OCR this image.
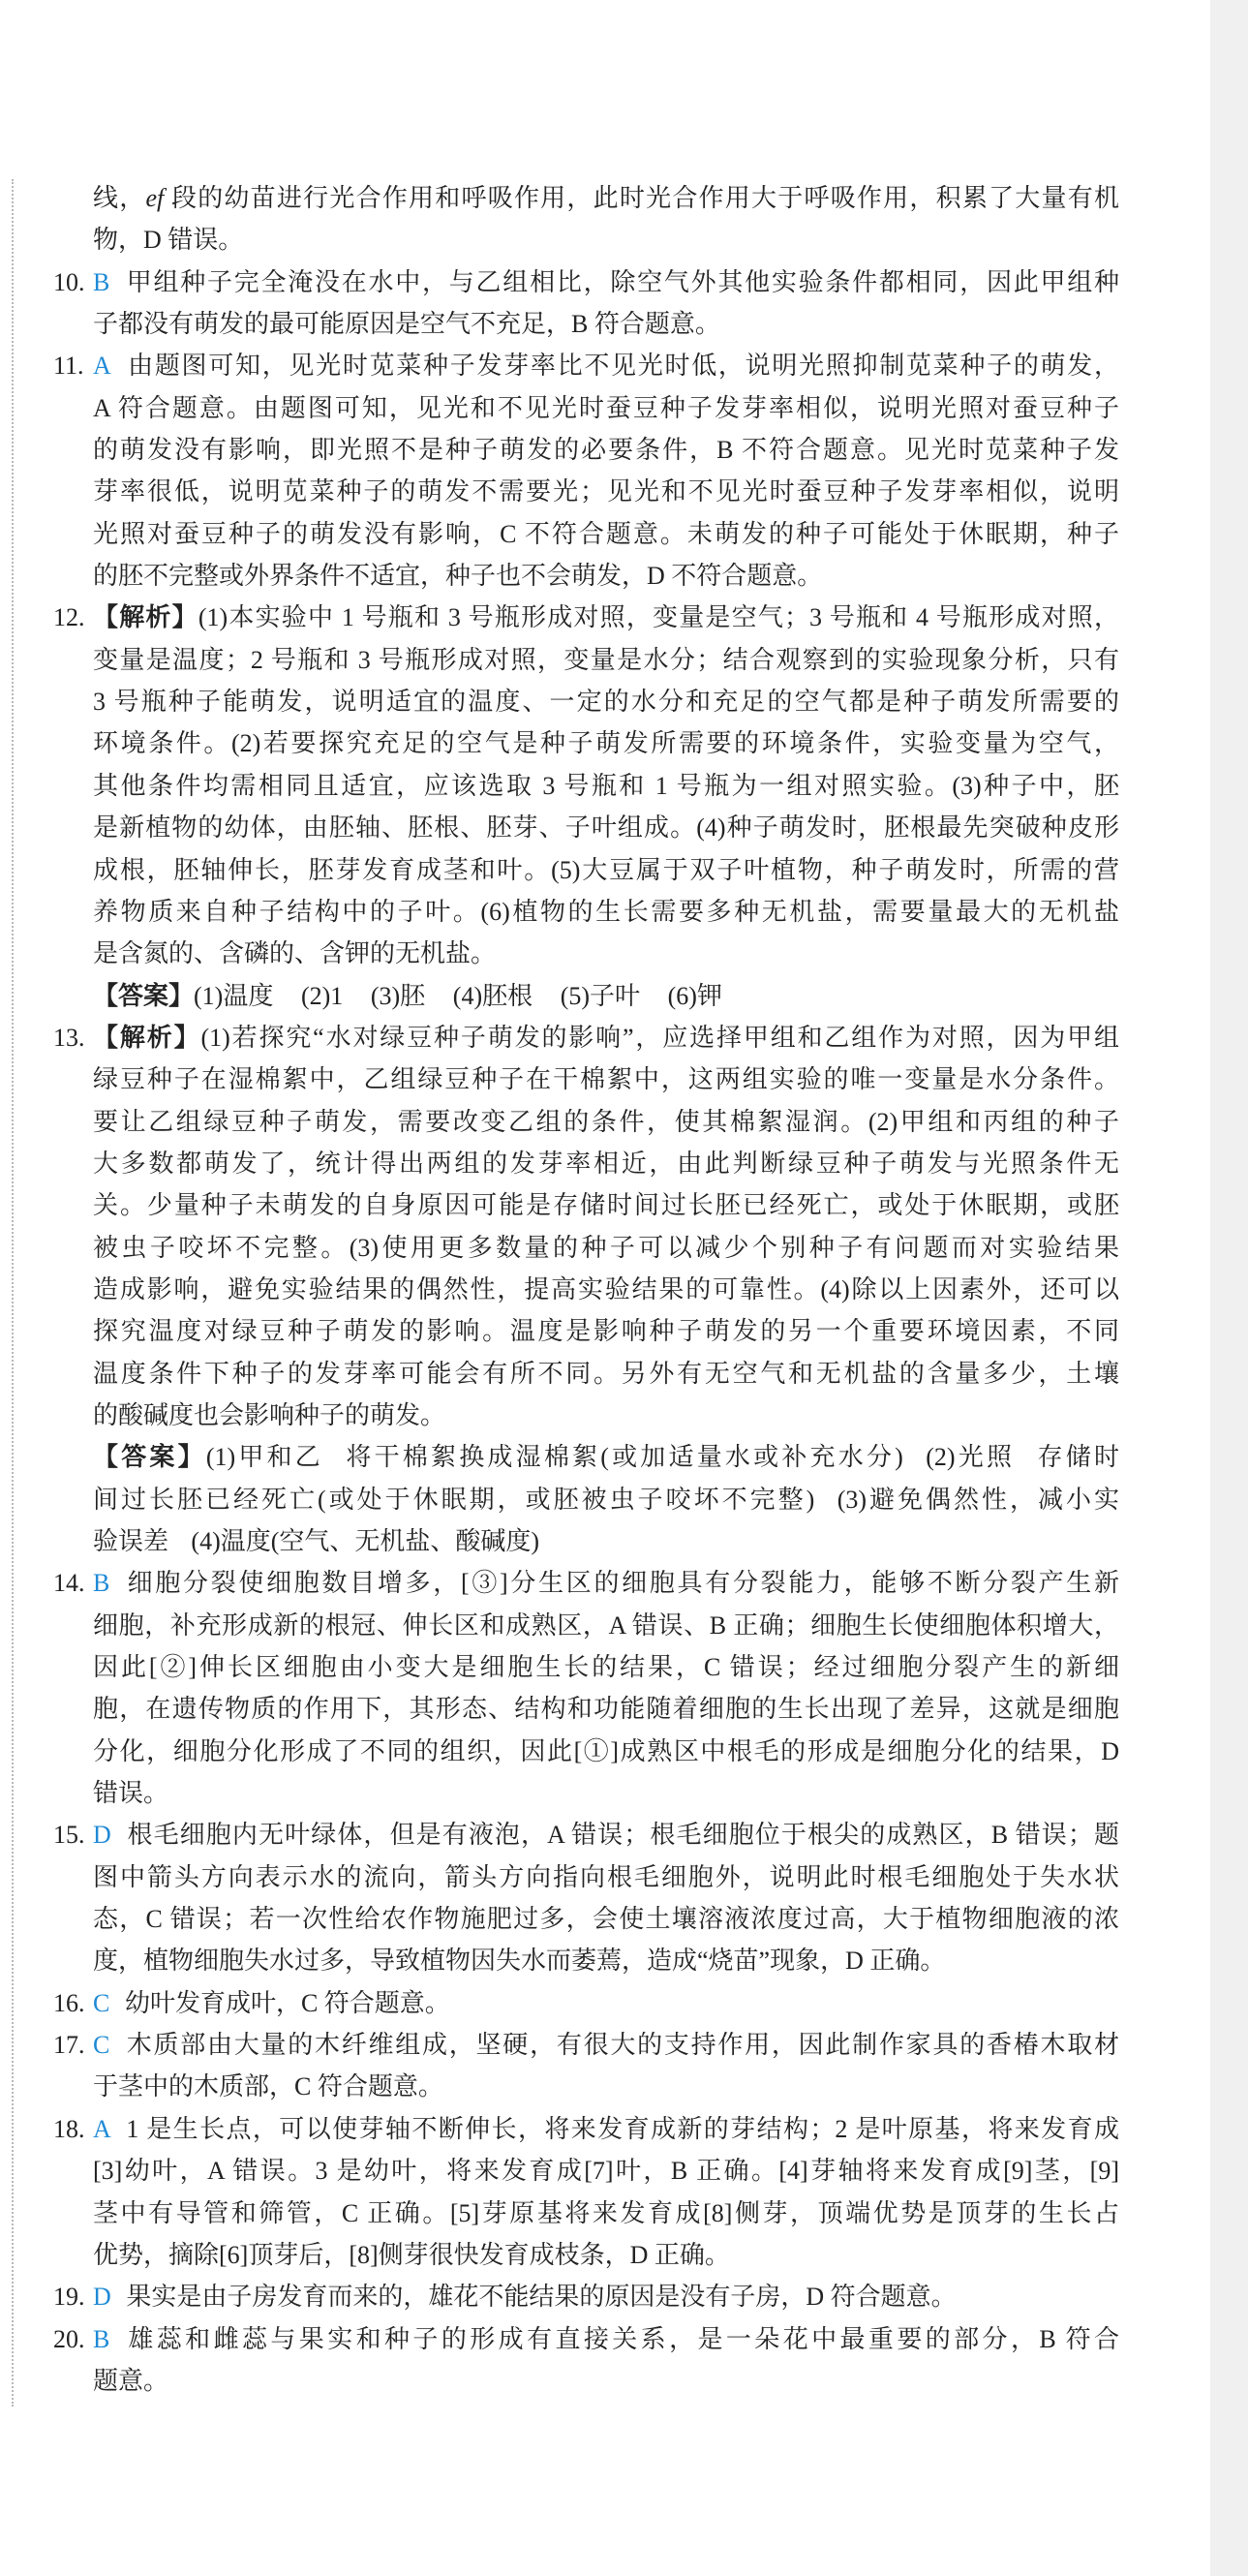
线，ef 段的幼苗进行光合作用和呼吸作用，此时光合作用大于呼吸作用，积累了大量有机
物，D 错误。
10. B 甲组种子完全淹没在水中，与乙组相比，除空气外其他实验条件都相同，因此甲组种
子都没有萌发的最可能原因是空气不充足，B 符合题意。
11. A 由题图可知，见光时苋菜种子发芽率比不见光时低，说明光照抑制苋菜种子的萌发，
A 符合题意。由题图可知，见光和不见光时蚕豆种子发芽率相似，说明光照对蚕豆种子
的萌发没有影响，即光照不是种子萌发的必要条件，B 不符合题意。见光时苋菜种子发
芽率很低，说明苋菜种子的萌发不需要光；见光和不见光时蚕豆种子发芽率相似，说明
光照对蚕豆种子的萌发没有影响，C 不符合题意。未萌发的种子可能处于休眠期，种子
的胚不完整或外界条件不适宜，种子也不会萌发，D 不符合题意。
12. 【解析】(1)本实验中 1 号瓶和 3 号瓶形成对照，变量是空气；3 号瓶和 4 号瓶形成对照，
变量是温度；2 号瓶和 3 号瓶形成对照，变量是水分；结合观察到的实验现象分析，只有
3 号瓶种子能萌发，说明适宜的温度、一定的水分和充足的空气都是种子萌发所需要的
环境条件。(2)若要探究充足的空气是种子萌发所需要的环境条件，实验变量为空气，
其他条件均需相同且适宜，应该选取 3 号瓶和 1 号瓶为一组对照实验。(3)种子中，胚
是新植物的幼体，由胚轴、胚根、胚芽、子叶组成。(4)种子萌发时，胚根最先突破种皮形
成根，胚轴伸长，胚芽发育成茎和叶。(5)大豆属于双子叶植物，种子萌发时，所需的营
养物质来自种子结构中的子叶。(6)植物的生长需要多种无机盐，需要量最大的无机盐
是含氮的、含磷的、含钾的无机盐。
【答案】(1)温度 (2)1 (3)胚 (4)胚根 (5)子叶 (6)钾
13. 【解析】(1)若探究“水对绿豆种子萌发的影响”，应选择甲组和乙组作为对照，因为甲组
绿豆种子在湿棉絮中，乙组绿豆种子在干棉絮中，这两组实验的唯一变量是水分条件。
要让乙组绿豆种子萌发，需要改变乙组的条件，使其棉絮湿润。(2)甲组和丙组的种子
大多数都萌发了，统计得出两组的发芽率相近，由此判断绿豆种子萌发与光照条件无
关。少量种子未萌发的自身原因可能是存储时间过长胚已经死亡，或处于休眠期，或胚
被虫子咬坏不完整。(3)使用更多数量的种子可以减少个别种子有问题而对实验结果
造成影响，避免实验结果的偶然性，提高实验结果的可靠性。(4)除以上因素外，还可以
探究温度对绿豆种子萌发的影响。温度是影响种子萌发的另一个重要环境因素，不同
温度条件下种子的发芽率可能会有所不同。另外有无空气和无机盐的含量多少，土壤
的酸碱度也会影响种子的萌发。
【答案】(1)甲和乙 将干棉絮换成湿棉絮(或加适量水或补充水分) (2)光照 存储时
间过长胚已经死亡(或处于休眠期，或胚被虫子咬坏不完整) (3)避免偶然性，减小实
验误差 (4)温度(空气、无机盐、酸碱度)
14. B 细胞分裂使细胞数目增多，[③]分生区的细胞具有分裂能力，能够不断分裂产生新
细胞，补充形成新的根冠、伸长区和成熟区，A 错误、B 正确；细胞生长使细胞体积增大，
因此[②]伸长区细胞由小变大是细胞生长的结果，C 错误；经过细胞分裂产生的新细
胞，在遗传物质的作用下，其形态、结构和功能随着细胞的生长出现了差异，这就是细胞
分化，细胞分化形成了不同的组织，因此[①]成熟区中根毛的形成是细胞分化的结果，D
错误。
15. D 根毛细胞内无叶绿体，但是有液泡，A 错误；根毛细胞位于根尖的成熟区，B 错误；题
图中箭头方向表示水的流向，箭头方向指向根毛细胞外，说明此时根毛细胞处于失水状
态，C 错误；若一次性给农作物施肥过多，会使土壤溶液浓度过高，大于植物细胞液的浓
度，植物细胞失水过多，导致植物因失水而萎蔫，造成“烧苗”现象，D 正确。
16. C 幼叶发育成叶，C 符合题意。
17. C 木质部由大量的木纤维组成，坚硬，有很大的支持作用，因此制作家具的香椿木取材
于茎中的木质部，C 符合题意。
18. A 1 是生长点，可以使芽轴不断伸长，将来发育成新的芽结构；2 是叶原基，将来发育成
[3]幼叶，A 错误。3 是幼叶，将来发育成[7]叶，B 正确。[4]芽轴将来发育成[9]茎，[9]
茎中有导管和筛管，C 正确。[5]芽原基将来发育成[8]侧芽，顶端优势是顶芽的生长占
优势，摘除[6]顶芽后，[8]侧芽很快发育成枝条，D 正确。
19. D 果实是由子房发育而来的，雄花不能结果的原因是没有子房，D 符合题意。
20. B 雄蕊和雌蕊与果实和种子的形成有直接关系，是一朵花中最重要的部分，B 符合
题意。
